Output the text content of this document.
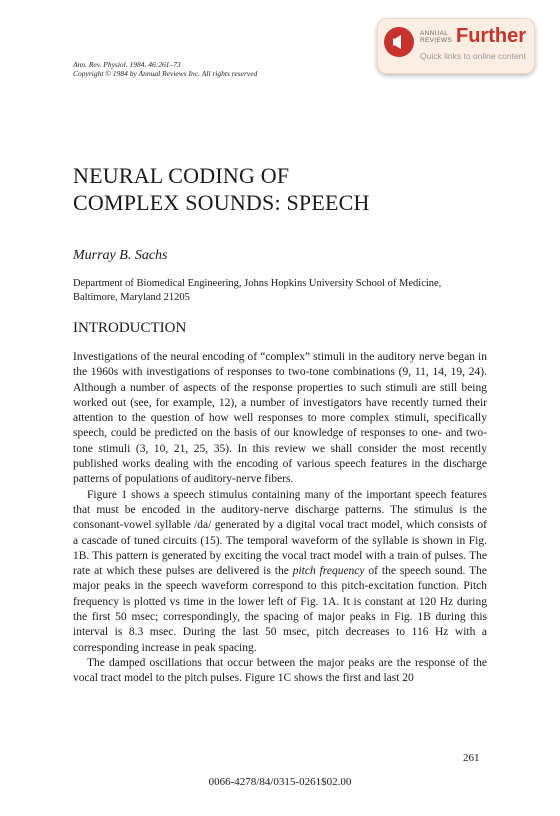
ANNUAL
REVIEWS Further
Quick links to online content
Ann. Rev. Physiol. 1984. 46:261–73
Copyright © 1984 by Annual Reviews Inc. All rights reserved
NEURAL CODING OF
COMPLEX SOUNDS: SPEECH
Murray B. Sachs
Department of Biomedical Engineering, Johns Hopkins University School of Medicine,
Baltimore, Maryland 21205
INTRODUCTION

Investigations of the neural encoding of “complex” stimuli in the auditory nerve began in the 1960s with investigations of responses to two-tone combinations (9, 11, 14, 19, 24). Although a number of aspects of the response properties to such stimuli are still being worked out (see, for example, 12), a number of investigators have recently turned their attention to the question of how well responses to more complex stimuli, specifically speech, could be predicted on the basis of our knowledge of responses to one- and two-tone stimuli (3, 10, 21, 25, 35). In this review we shall consider the most recently published works dealing with the encoding of various speech features in the discharge patterns of populations of auditory-nerve fibers.

Figure 1 shows a speech stimulus containing many of the important speech features that must be encoded in the auditory-nerve discharge patterns. The stimulus is the consonant-vowel syllable /da/ generated by a digital vocal tract model, which consists of a cascade of tuned circuits (15). The temporal waveform of the syllable is shown in Fig. 1B. This pattern is generated by exciting the vocal tract model with a train of pulses. The rate at which these pulses are delivered is the pitch frequency of the speech sound. The major peaks in the speech waveform correspond to this pitch-excitation function. Pitch frequency is plotted vs time in the lower left of Fig. 1A. It is constant at 120 Hz during the first 50 msec; correspondingly, the spacing of major peaks in Fig. 1B during this interval is 8.3 msec. During the last 50 msec, pitch decreases to 116 Hz with a corresponding increase in peak spacing.

The damped oscillations that occur between the major peaks are the response of the vocal tract model to the pitch pulses. Figure 1C shows the first and last 20

261
0066-4278/84/0315-0261$02.00
